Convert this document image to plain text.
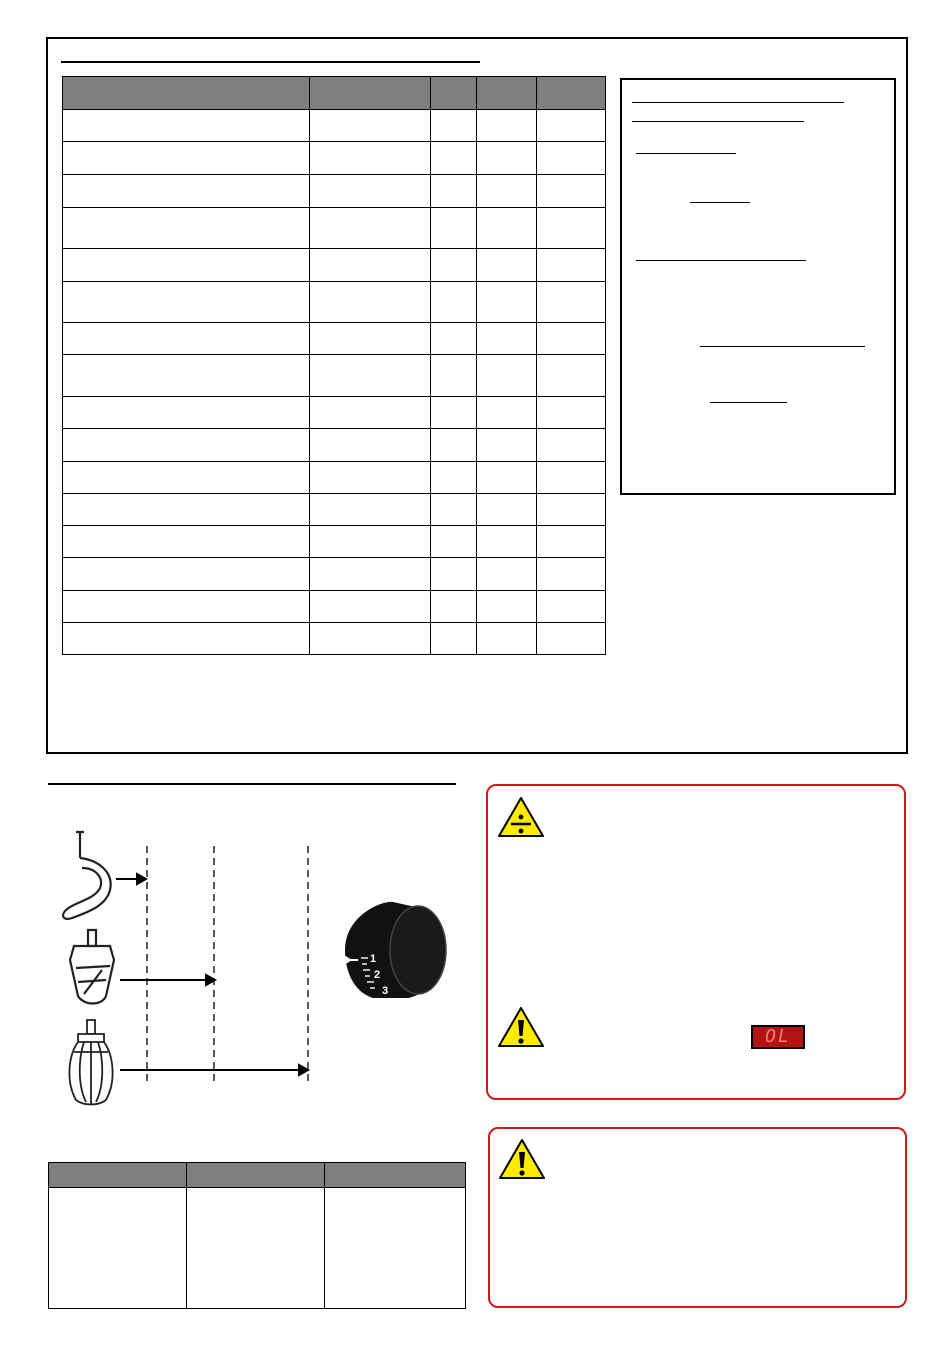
1
2
3

OL
